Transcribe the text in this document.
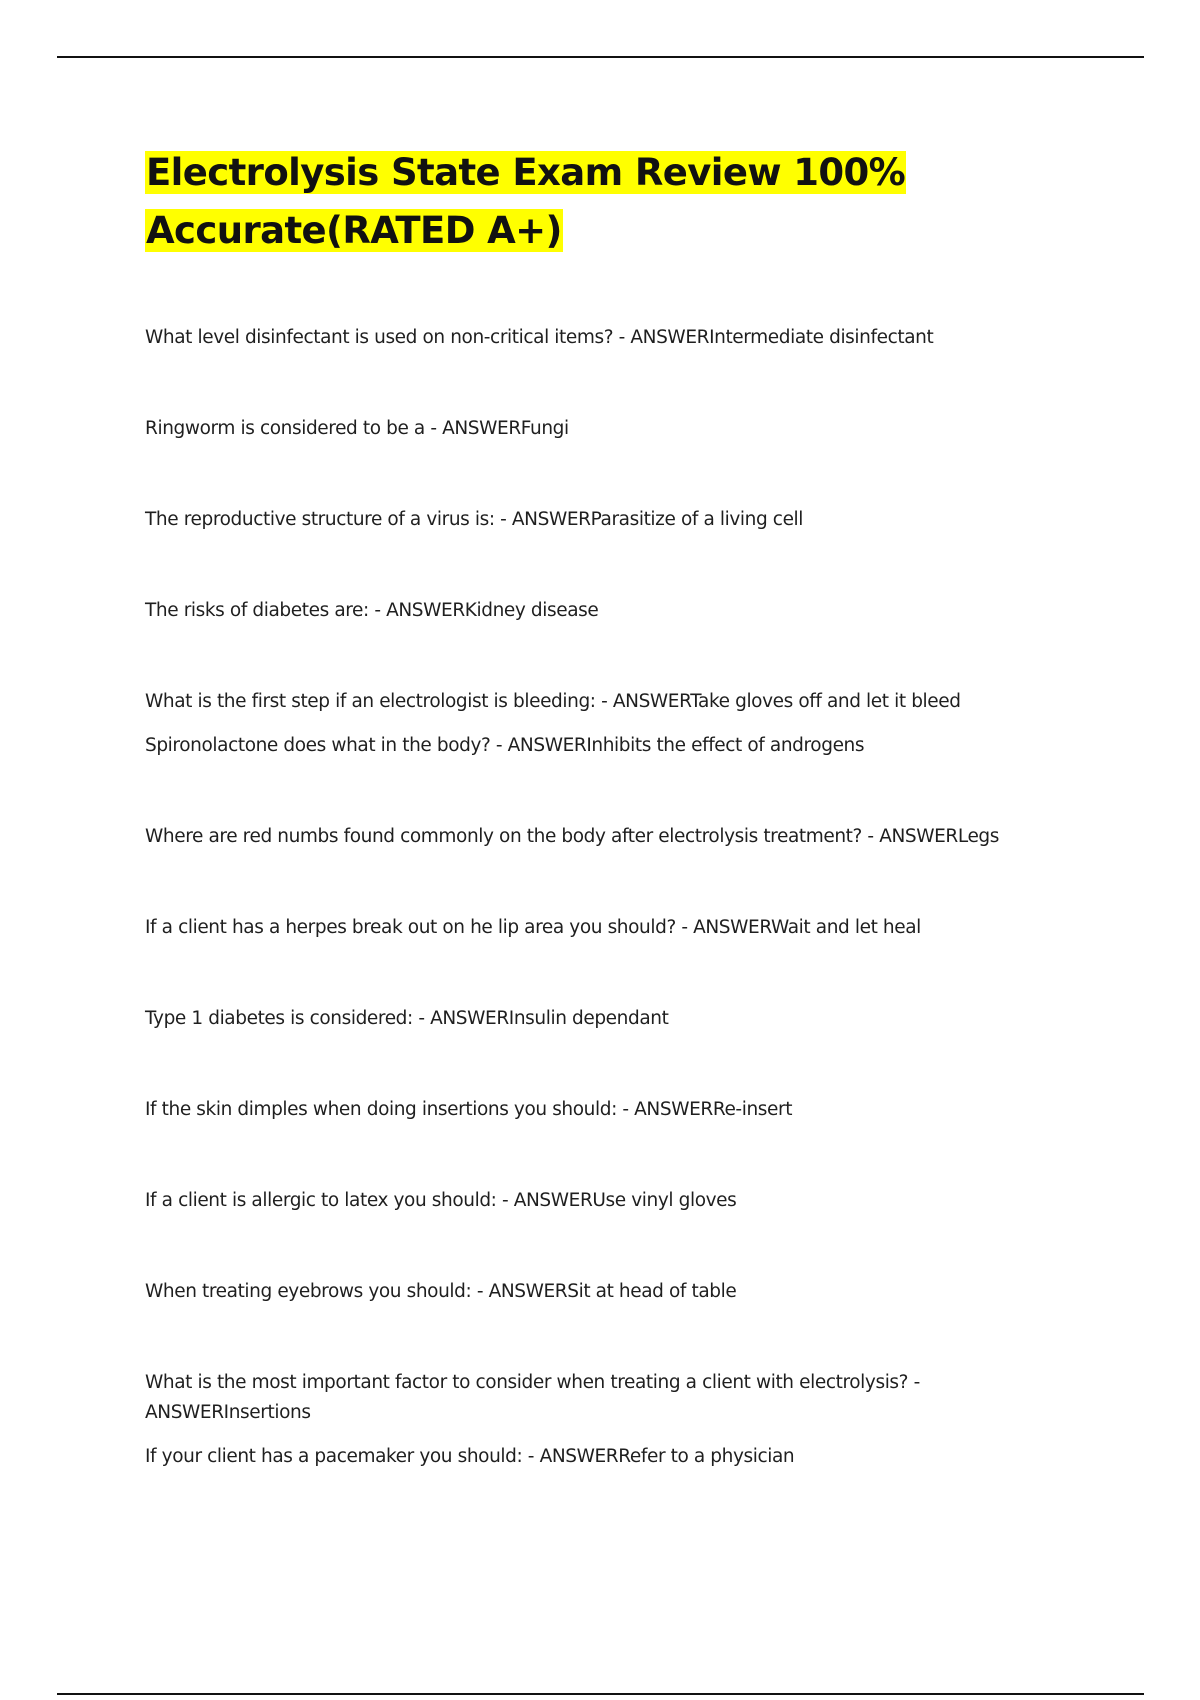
Electrolysis State Exam Review 100% Accurate(RATED A+)

What level disinfectant is used on non-critical items? - ANSWERIntermediate disinfectant

Ringworm is considered to be a - ANSWERFungi

The reproductive structure of a virus is: - ANSWERParasitize of a living cell

The risks of diabetes are: - ANSWERKidney disease

What is the first step if an electrologist is bleeding: - ANSWERTake gloves off and let it bleed

Spironolactone does what in the body? - ANSWERInhibits the effect of androgens

Where are red numbs found commonly on the body after electrolysis treatment? - ANSWERLegs

If a client has a herpes break out on he lip area you should? - ANSWERWait and let heal

Type 1 diabetes is considered: - ANSWERInsulin dependant

If the skin dimples when doing insertions you should: - ANSWERRe-insert

If a client is allergic to latex you should: - ANSWERUse vinyl gloves

When treating eyebrows you should: - ANSWERSit at head of table

What is the most important factor to consider when treating a client with electrolysis? - ANSWERInsertions

If your client has a pacemaker you should: - ANSWERRefer to a physician
